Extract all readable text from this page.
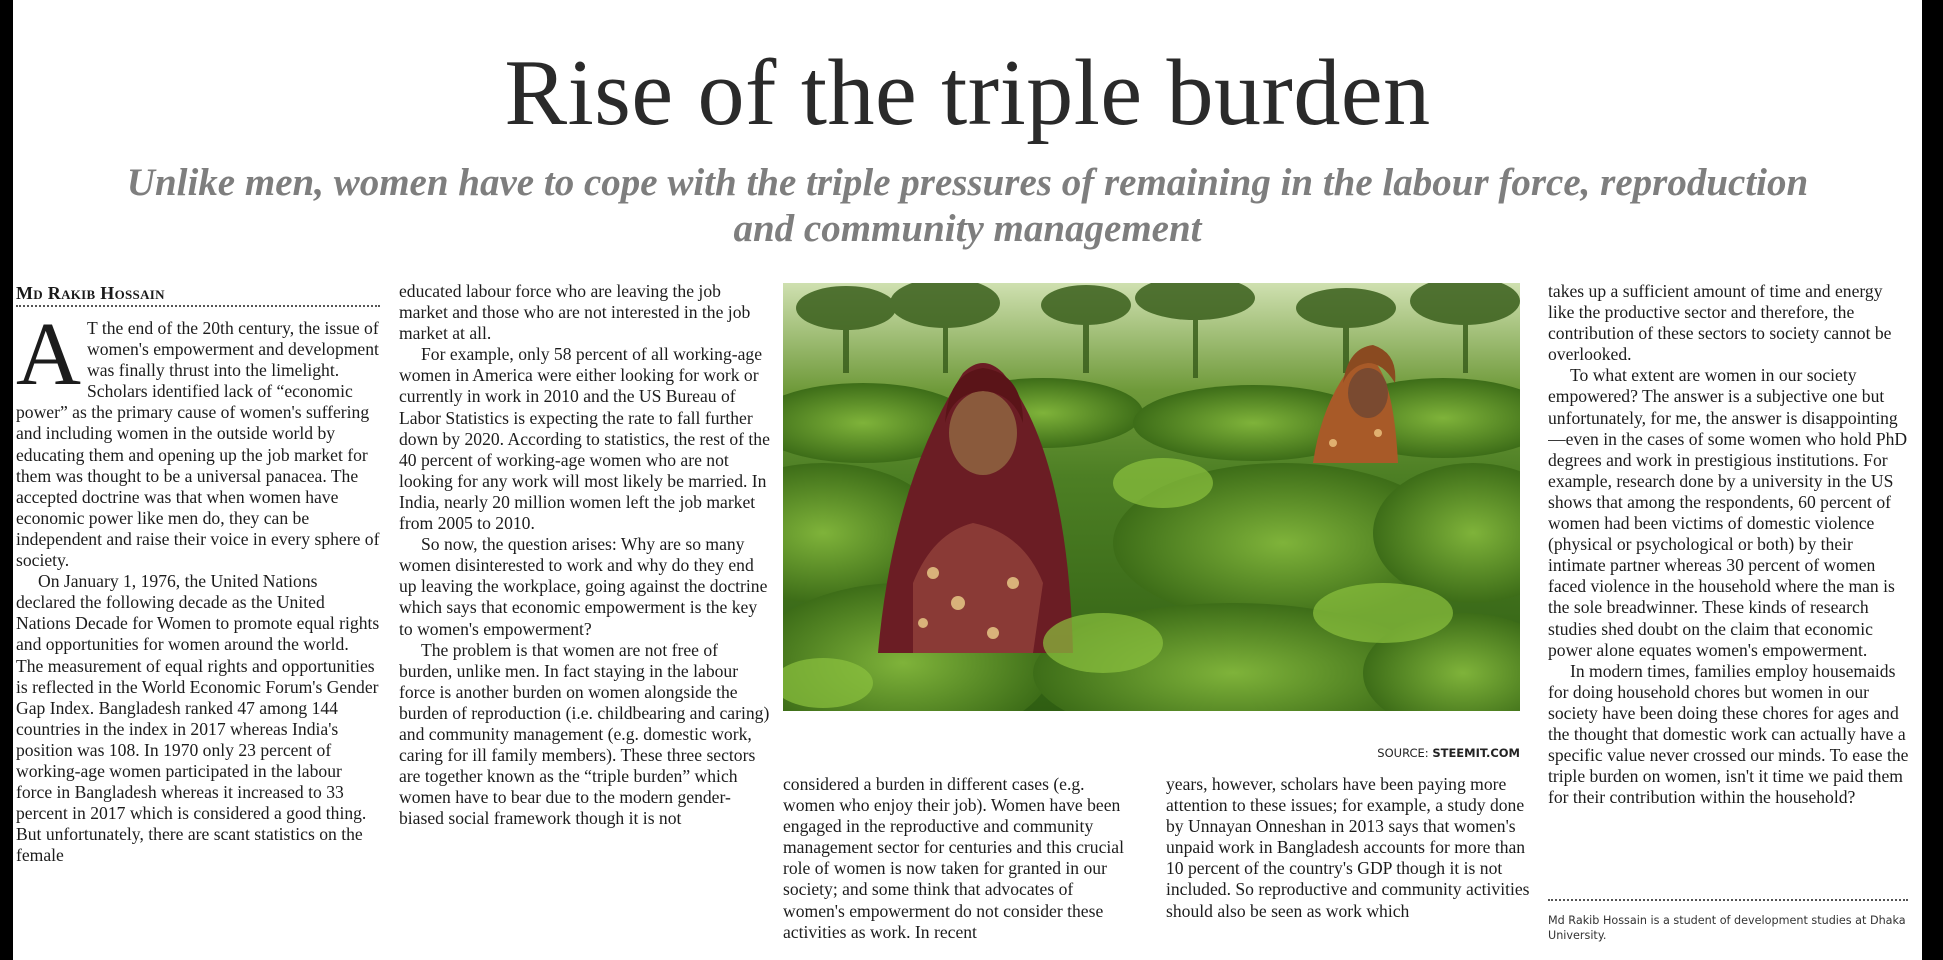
Rise of the triple burden
Unlike men, women have to cope with the triple pressures of remaining in the labour force, reproduction and community management
Md Rakib Hossain

A T the end of the 20th century, the issue of women's empowerment and development was finally thrust into the limelight. Scholars identified lack of “economic power” as the primary cause of women's suffering and including women in the outside world by educating them and opening up the job market for them was thought to be a universal panacea. The accepted doctrine was that when women have economic power like men do, they can be independent and raise their voice in every sphere of society.

On January 1, 1976, the United Nations declared the following decade as the United Nations Decade for Women to promote equal rights and opportunities for women around the world. The measurement of equal rights and opportunities is reflected in the World Economic Forum's Gender Gap Index. Bangladesh ranked 47 among 144 countries in the index in 2017 whereas India's position was 108. In 1970 only 23 percent of working-age women participated in the labour force in Bangladesh whereas it increased to 33 percent in 2017 which is considered a good thing. But unfortunately, there are scant statistics on the female

educated labour force who are leaving the job market and those who are not interested in the job market at all.

For example, only 58 percent of all working-age women in America were either looking for work or currently in work in 2010 and the US Bureau of Labor Statistics is expecting the rate to fall further down by 2020. According to statistics, the rest of the 40 percent of working-age women who are not looking for any work will most likely be married. In India, nearly 20 million women left the job market from 2005 to 2010.

So now, the question arises: Why are so many women disinterested to work and why do they end up leaving the workplace, going against the doctrine which says that economic empowerment is the key to women's empowerment?

The problem is that women are not free of burden, unlike men. In fact staying in the labour force is another burden on women alongside the burden of reproduction (i.e. childbearing and caring) and community management (e.g. domestic work, caring for ill family members). These three sectors are together known as the “triple burden” which women have to bear due to the modern gender-biased social framework though it is not

SOURCE: STEEMIT.COM

considered a burden in different cases (e.g. women who enjoy their job). Women have been engaged in the reproductive and community management sector for centuries and this crucial role of women is now taken for granted in our society; and some think that advocates of women's empowerment do not consider these activities as work. In recent

years, however, scholars have been paying more attention to these issues; for example, a study done by Unnayan Onneshan in 2013 says that women's unpaid work in Bangladesh accounts for more than 10 percent of the country's GDP though it is not included. So reproductive and community activities should also be seen as work which

takes up a sufficient amount of time and energy like the productive sector and therefore, the contribution of these sectors to society cannot be overlooked.

To what extent are women in our society empowered? The answer is a subjective one but unfortunately, for me, the answer is disappointing—even in the cases of some women who hold PhD degrees and work in prestigious institutions. For example, research done by a university in the US shows that among the respondents, 60 percent of women had been victims of domestic violence (physical or psychological or both) by their intimate partner whereas 30 percent of women faced violence in the household where the man is the sole breadwinner. These kinds of research studies shed doubt on the claim that economic power alone equates women's empowerment.

In modern times, families employ housemaids for doing household chores but women in our society have been doing these chores for ages and the thought that domestic work can actually have a specific value never crossed our minds. To ease the triple burden on women, isn't it time we paid them for their contribution within the household?

Md Rakib Hossain is a student of development studies at Dhaka University.
